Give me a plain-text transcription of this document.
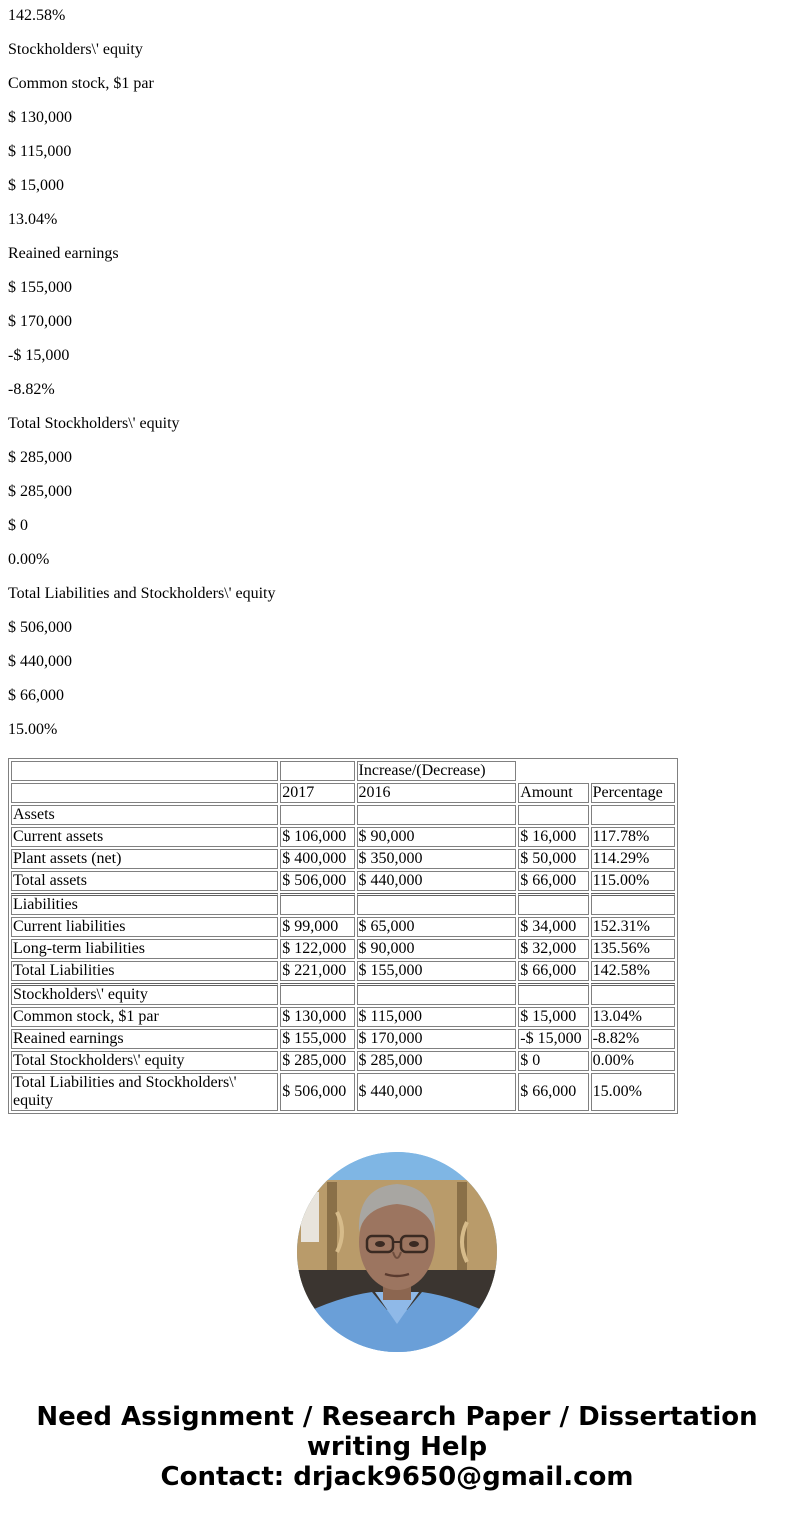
142.58%

Stockholders\' equity

Common stock, $1 par

$ 130,000

$ 115,000

$ 15,000

13.04%

Reained earnings

$ 155,000

$ 170,000

-$ 15,000

-8.82%

Total Stockholders\' equity

$ 285,000

$ 285,000

$ 0

0.00%

Total Liabilities and Stockholders\' equity

$ 506,000

$ 440,000

$ 66,000

15.00%

		Increase/(Decrease)		
	2017	2016	Amount	Percentage
Assets				
Current assets	$ 106,000	$ 90,000	$ 16,000	117.78%
Plant assets (net)	$ 400,000	$ 350,000	$ 50,000	114.29%
Total assets	$ 506,000	$ 440,000	$ 66,000	115.00%
Liabilities				
Current liabilities	$ 99,000	$ 65,000	$ 34,000	152.31%
Long-term liabilities	$ 122,000	$ 90,000	$ 32,000	135.56%
Total Liabilities	$ 221,000	$ 155,000	$ 66,000	142.58%
Stockholders\' equity				
Common stock, $1 par	$ 130,000	$ 115,000	$ 15,000	13.04%
Reained earnings	$ 155,000	$ 170,000	-$ 15,000	-8.82%
Total Stockholders\' equity	$ 285,000	$ 285,000	$ 0	0.00%
Total Liabilities and Stockholders\' equity	$ 506,000	$ 440,000	$ 66,000	15.00%
Need Assignment / Research Paper / Dissertation
writing Help
Contact: drjack9650@gmail.com
